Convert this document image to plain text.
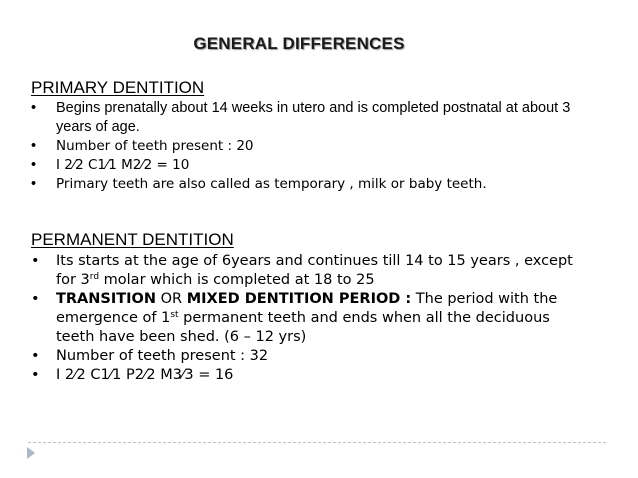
GENERAL DIFFERENCES
PRIMARY DENTITION
•	Begins prenatally about 14 weeks in utero and is completed postnatal at about 3 years of age.
•	Number of teeth present : 20
•	I 2⁄2 C1⁄1 M2⁄2 = 10
•	Primary teeth are also called as temporary , milk or baby teeth.
PERMANENT DENTITION
• Its starts at the age of 6years and continues till 14 to 15 years , except for 3rd molar which is completed at 18 to 25
• TRANSITION OR MIXED DENTITION PERIOD : The period with the emergence of 1st permanent teeth and ends when all the deciduous teeth have been shed. (6 – 12 yrs)
• Number of teeth present : 32
• I 2⁄2 C1⁄1 P2⁄2 M3⁄3 = 16
